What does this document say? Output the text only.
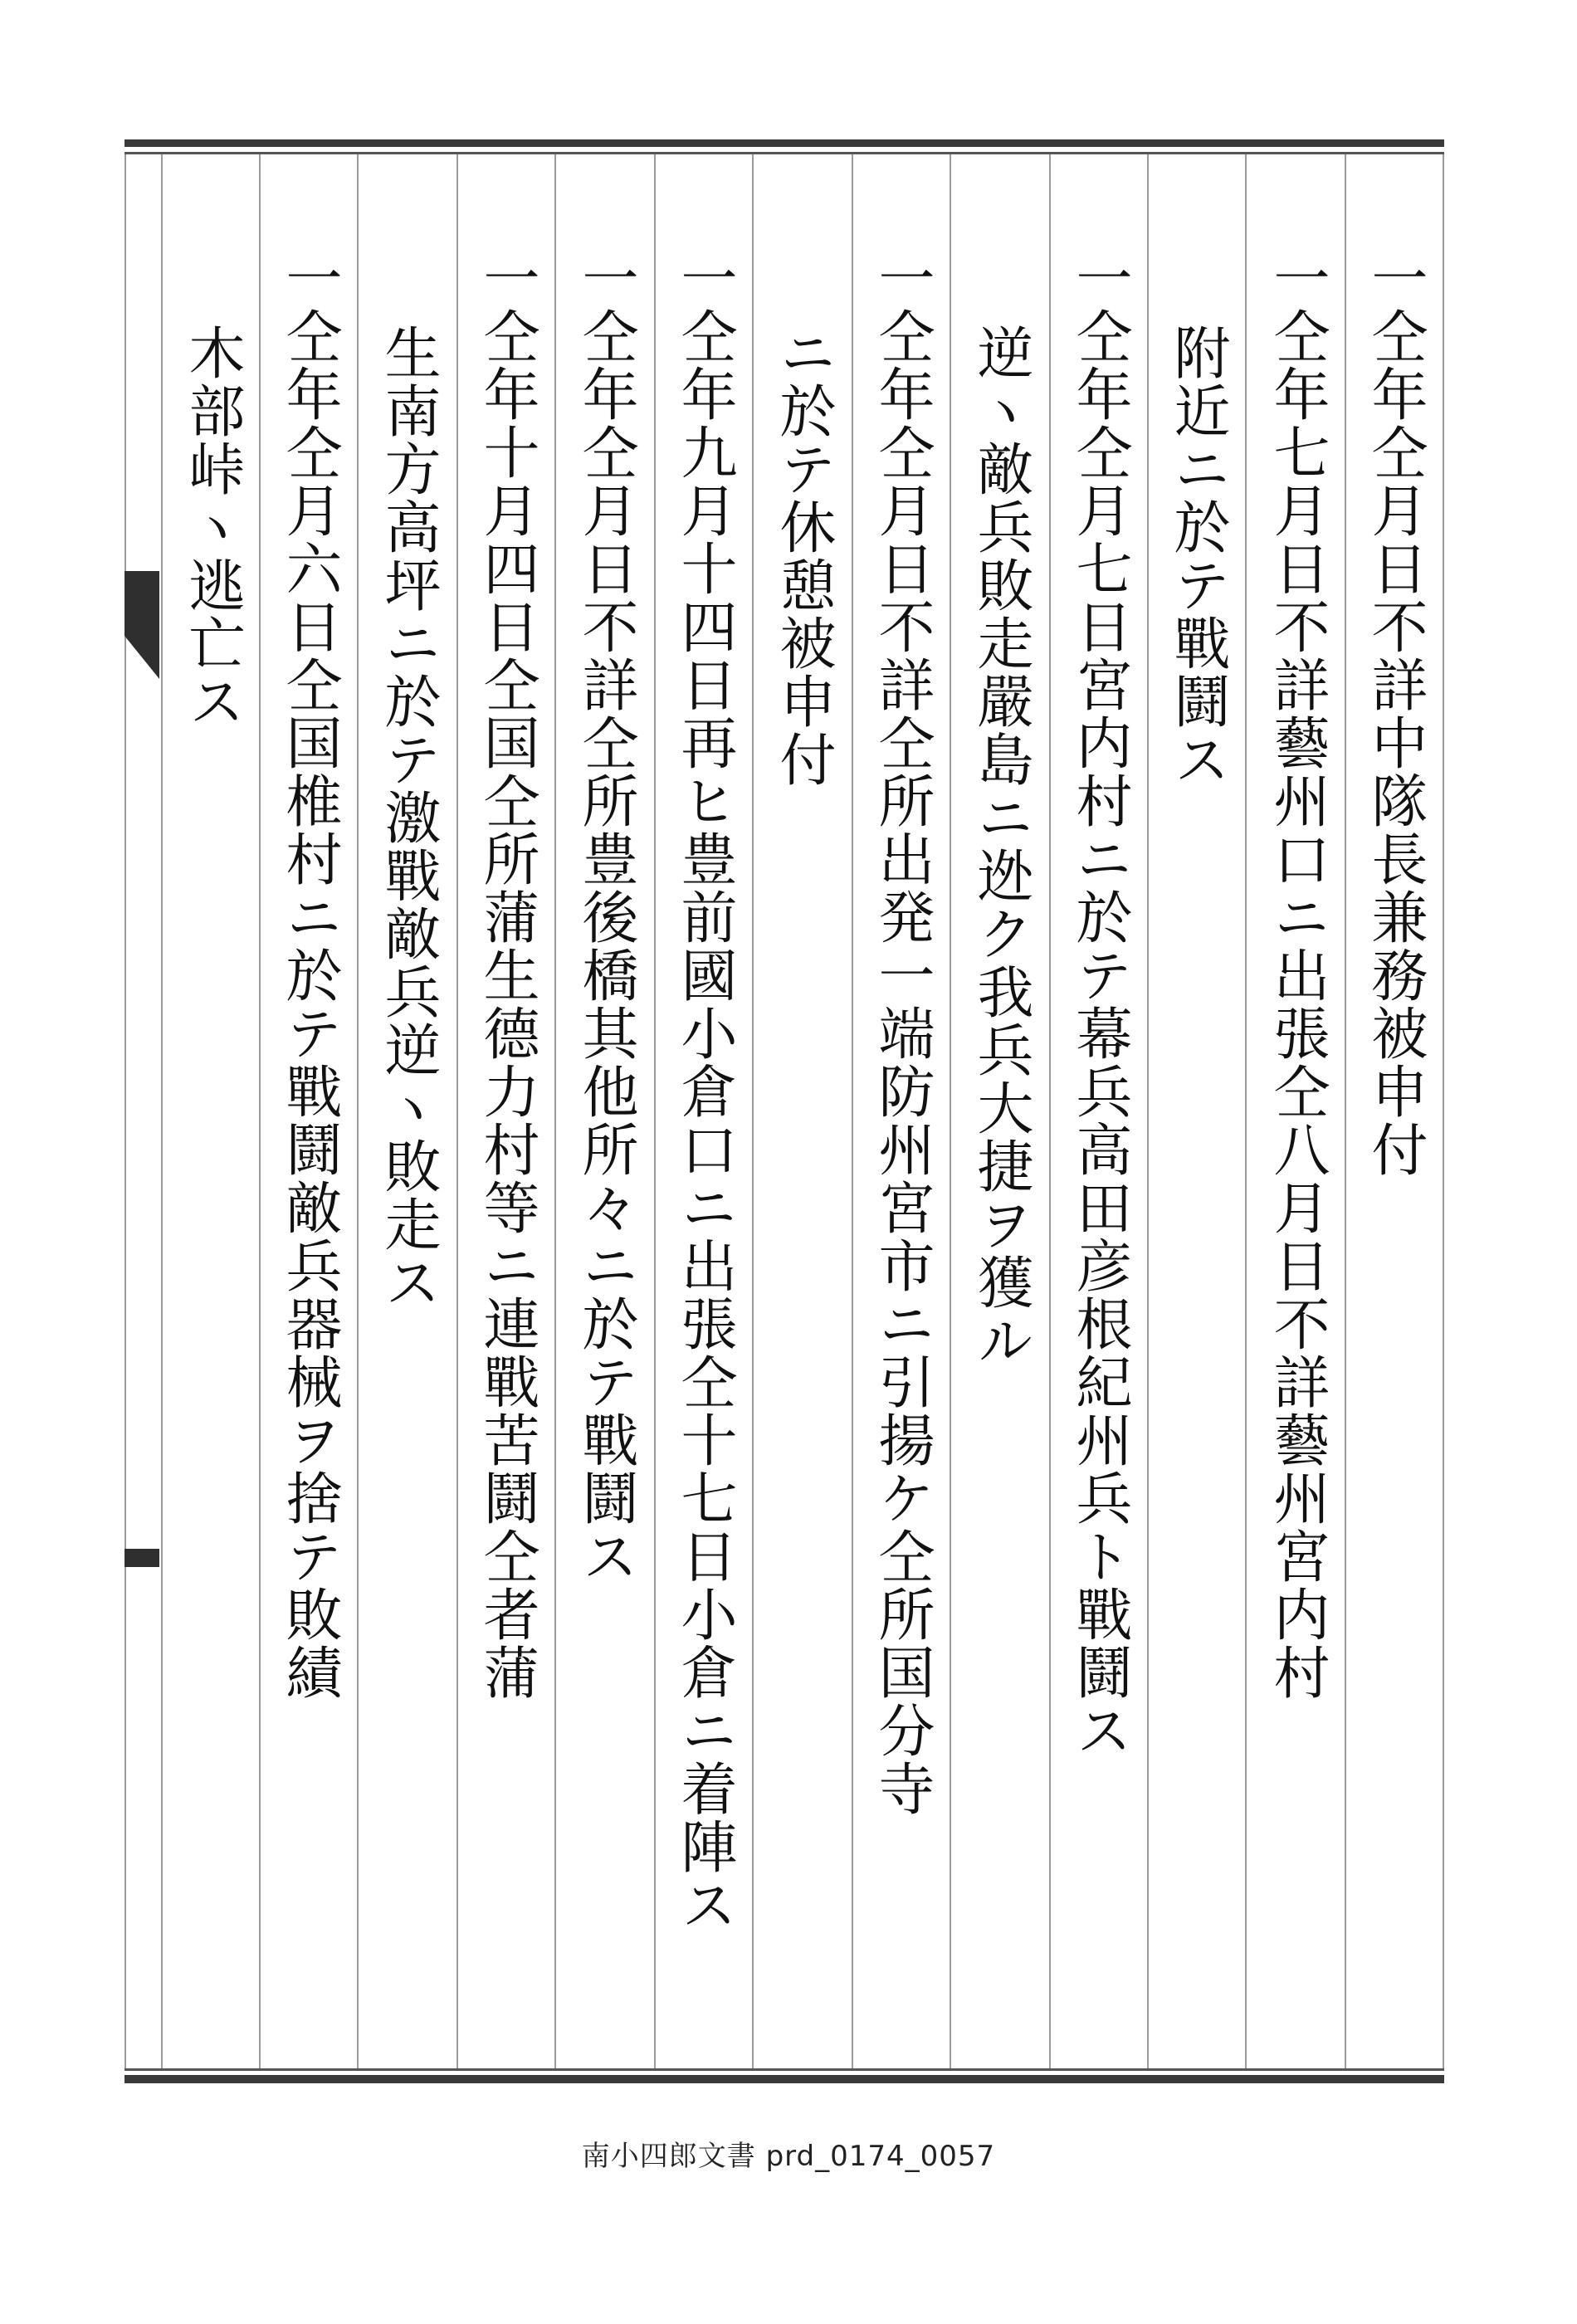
一仝年仝月日不詳中隊長兼務被申付
一仝年七月日不詳藝州口ニ出張仝八月日不詳藝州宮内村
附近ニ於テ戰鬪ス
一仝年仝月七日宮内村ニ於テ幕兵高田彦根紀州兵ト戰鬪ス
逆ヽ敵兵敗走嚴島ニ迯ク我兵大捷ヲ獲ル
一仝年仝月日不詳仝所出発一端防州宮市ニ引揚ケ仝所国分寺
ニ於テ休憩被申付
一仝年九月十四日再ヒ豊前國小倉口ニ出張仝十七日小倉ニ着陣ス
一仝年仝月日不詳仝所豊後橋其他所々ニ於テ戰鬪ス
一仝年十月四日仝国仝所蒲生德力村等ニ連戰苦鬪仝者蒲
生南方高坪ニ於テ激戰敵兵逆ヽ敗走ス
一仝年仝月六日仝国椎村ニ於テ戰鬪敵兵器械ヲ捨テ敗績
木部峠ヽ逃亡ス
南小四郎文書 prd_0174_0057
